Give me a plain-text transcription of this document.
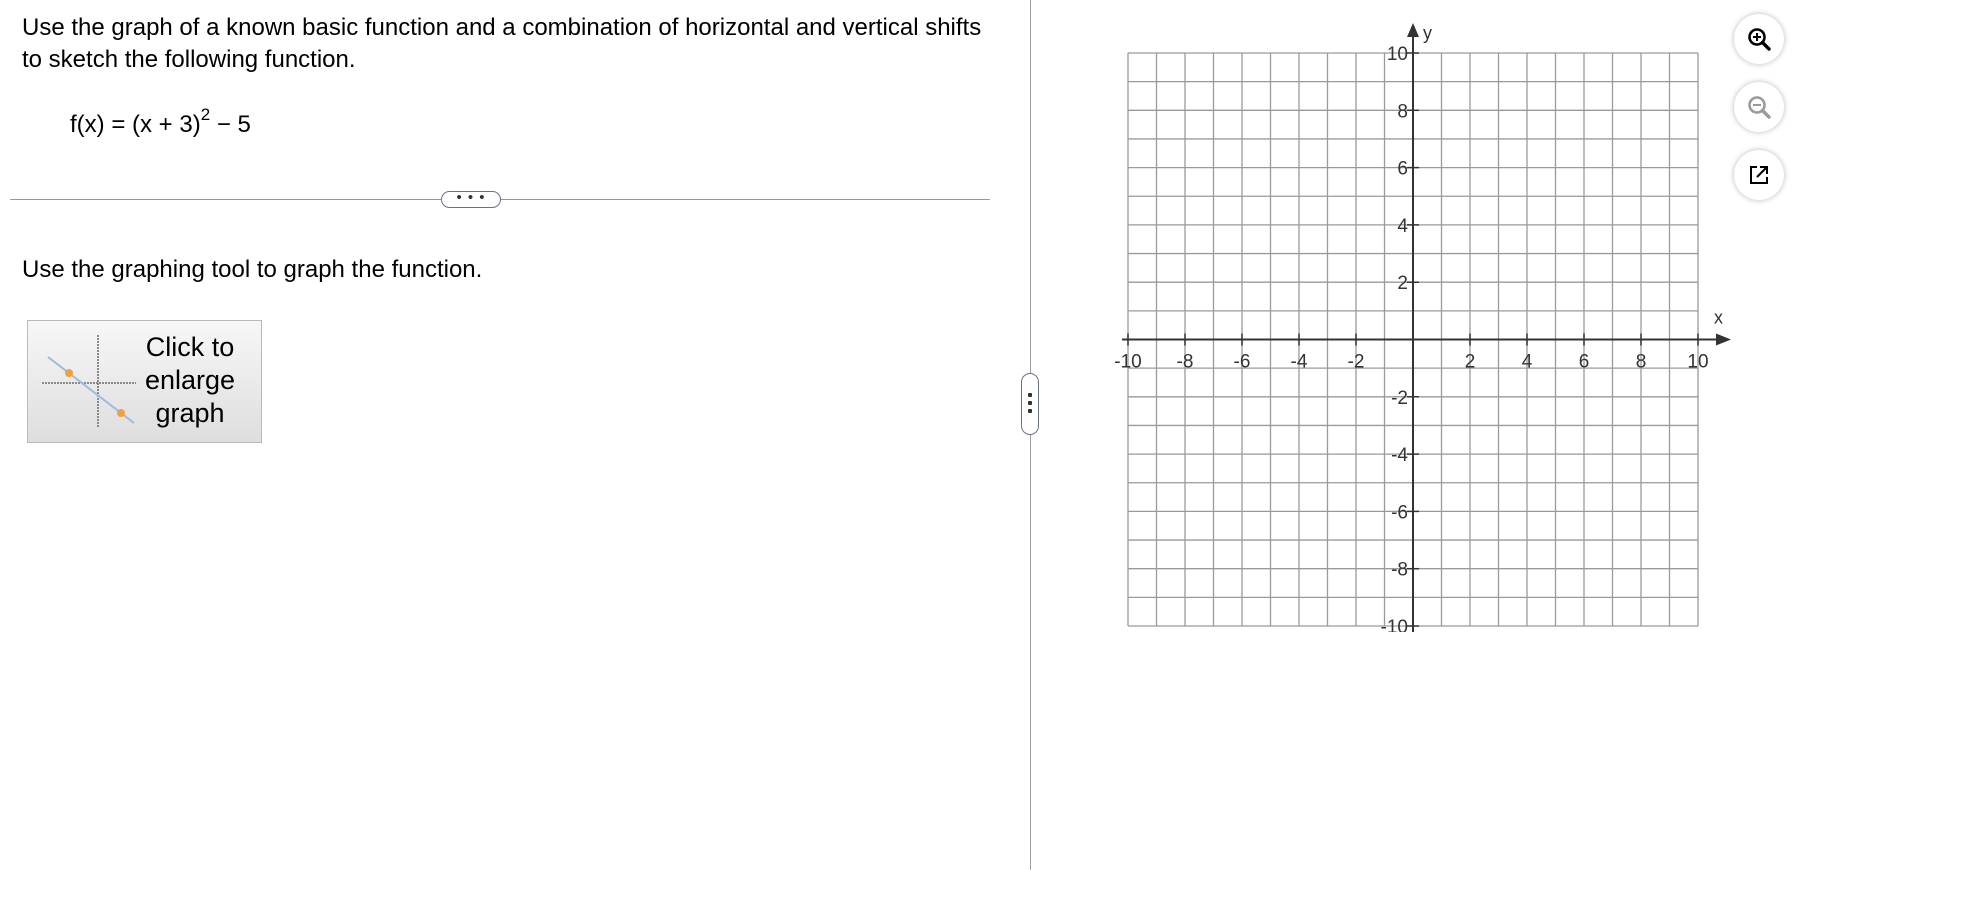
Use the graph of a known basic function and a combination of horizontal and vertical shifts to sketch the following function.
$f(x) = (x + 3)^2 - 5$
• • •
Use the graphing tool to graph the function.
Click to
enlarge
graph
x
y
-10 -8 -6 -4 -2	2 4 6 8 10
10
8
6
4
2
-2
-4
-6
-8
-10
